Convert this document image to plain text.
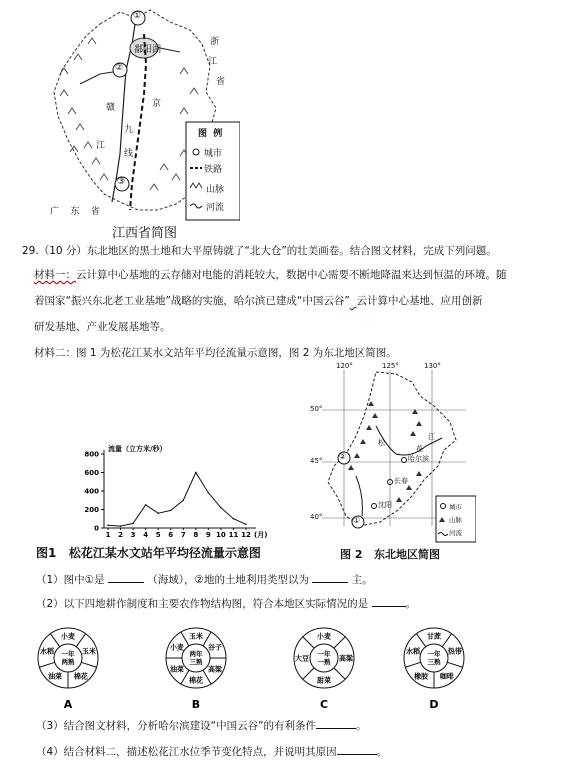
①
②
③
鄱阳湖
浙
江
省
京
赣
九
江
线
广    东    省
图  例
城市
铁路
山脉
河流
江西省简图
29.（10 分）东北地区的黑土地和大平原铸就了“北大仓”的壮美画卷。结合图文材料，完成下列问题。
材料一：云计算中心基地的云存储对电能的消耗较大，数据中心需要不断地降温来达到恒温的环境。随
着国家“振兴东北老工业基地”战略的实施，哈尔滨已建成“中国云谷”​  云计算中心基地、应用创新
研发基地、产业发展基地等。
材料二：图 1 为松花江某水文站年平均径流量示意图，图 2 为东北地区简图。
0
200
400
600
800
1 2 3 4 5 6 7 8 9 10 11 12 (月)
流量（立方米/秒）
图1   松花江某水文站年平均径流量示意图
120°	125°	130°
50°
45°
40°	①
②	哈尔滨
长春
沈阳
松
花
江
城市
山脉
河流
图 2   东北地区简图
（1）图中①是	（海域），②地的土地利用类型以为	主。
（2）以下四地耕作制度和主要农作物结构图，符合本地区实际情况的是	。
小麦
玉米
棉花
油菜
水稻 一年
两熟
A
玉米
谷子
高粱
棉花
油菜
小麦
两年
三熟
B
小麦
高粱
甜菜
大豆
一年
一熟
C
甘蔗
热带
咖啡
橡胶
水稻 一年
三熟
D
（3）结合图文材料，分析哈尔滨建设“中国云谷”的有利条件	。
（4）结合材料二，描述松花江水位季节变化特点，并说明其原因	。
